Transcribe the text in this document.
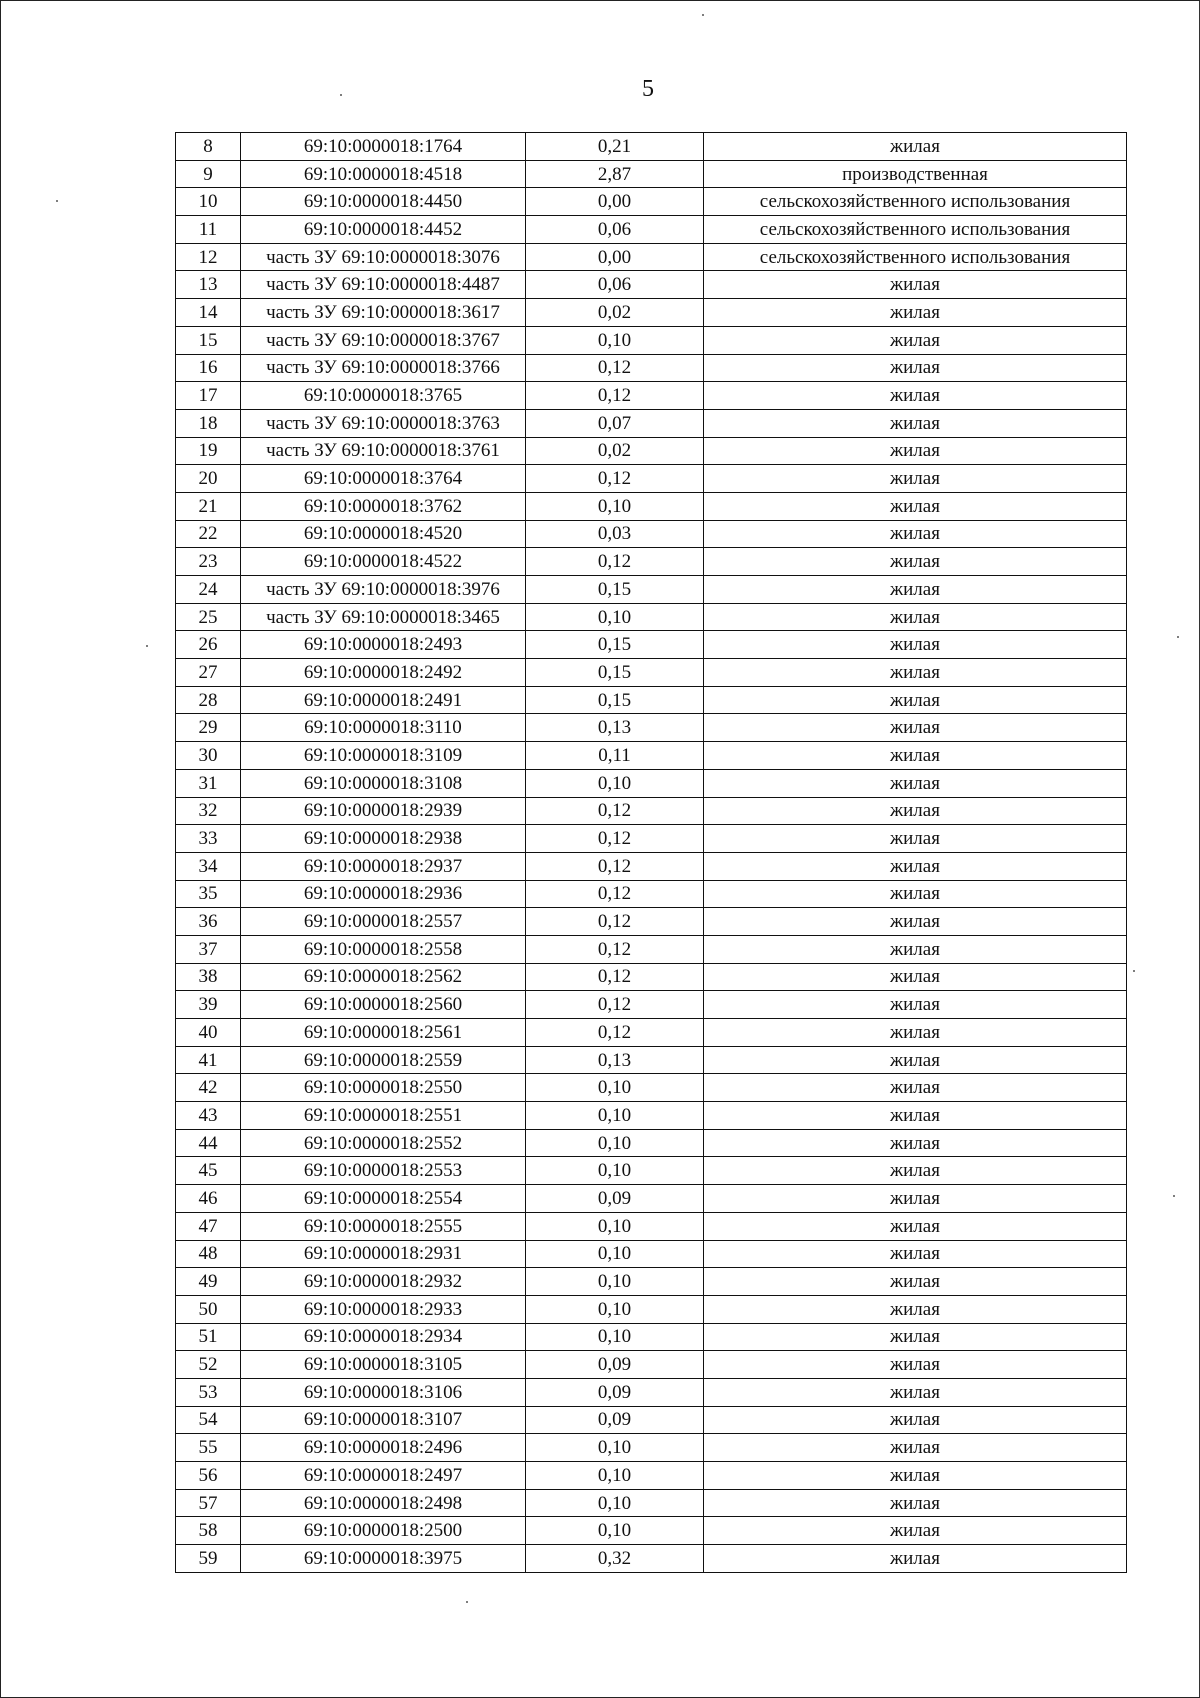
5
8	69:10:0000018:1764	0,21	жилая
9	69:10:0000018:4518	2,87	производственная
10	69:10:0000018:4450	0,00	сельскохозяйственного использования
11	69:10:0000018:4452	0,06	сельскохозяйственного использования
12	часть ЗУ 69:10:0000018:3076	0,00	сельскохозяйственного использования
13	часть ЗУ 69:10:0000018:4487	0,06	жилая
14	часть ЗУ 69:10:0000018:3617	0,02	жилая
15	часть ЗУ 69:10:0000018:3767	0,10	жилая
16	часть ЗУ 69:10:0000018:3766	0,12	жилая
17	69:10:0000018:3765	0,12	жилая
18	часть ЗУ 69:10:0000018:3763	0,07	жилая
19	часть ЗУ 69:10:0000018:3761	0,02	жилая
20	69:10:0000018:3764	0,12	жилая
21	69:10:0000018:3762	0,10	жилая
22	69:10:0000018:4520	0,03	жилая
23	69:10:0000018:4522	0,12	жилая
24	часть ЗУ 69:10:0000018:3976	0,15	жилая
25	часть ЗУ 69:10:0000018:3465	0,10	жилая
26	69:10:0000018:2493	0,15	жилая
27	69:10:0000018:2492	0,15	жилая
28	69:10:0000018:2491	0,15	жилая
29	69:10:0000018:3110	0,13	жилая
30	69:10:0000018:3109	0,11	жилая
31	69:10:0000018:3108	0,10	жилая
32	69:10:0000018:2939	0,12	жилая
33	69:10:0000018:2938	0,12	жилая
34	69:10:0000018:2937	0,12	жилая
35	69:10:0000018:2936	0,12	жилая
36	69:10:0000018:2557	0,12	жилая
37	69:10:0000018:2558	0,12	жилая
38	69:10:0000018:2562	0,12	жилая
39	69:10:0000018:2560	0,12	жилая
40	69:10:0000018:2561	0,12	жилая
41	69:10:0000018:2559	0,13	жилая
42	69:10:0000018:2550	0,10	жилая
43	69:10:0000018:2551	0,10	жилая
44	69:10:0000018:2552	0,10	жилая
45	69:10:0000018:2553	0,10	жилая
46	69:10:0000018:2554	0,09	жилая
47	69:10:0000018:2555	0,10	жилая
48	69:10:0000018:2931	0,10	жилая
49	69:10:0000018:2932	0,10	жилая
50	69:10:0000018:2933	0,10	жилая
51	69:10:0000018:2934	0,10	жилая
52	69:10:0000018:3105	0,09	жилая
53	69:10:0000018:3106	0,09	жилая
54	69:10:0000018:3107	0,09	жилая
55	69:10:0000018:2496	0,10	жилая
56	69:10:0000018:2497	0,10	жилая
57	69:10:0000018:2498	0,10	жилая
58	69:10:0000018:2500	0,10	жилая
59	69:10:0000018:3975	0,32	жилая
